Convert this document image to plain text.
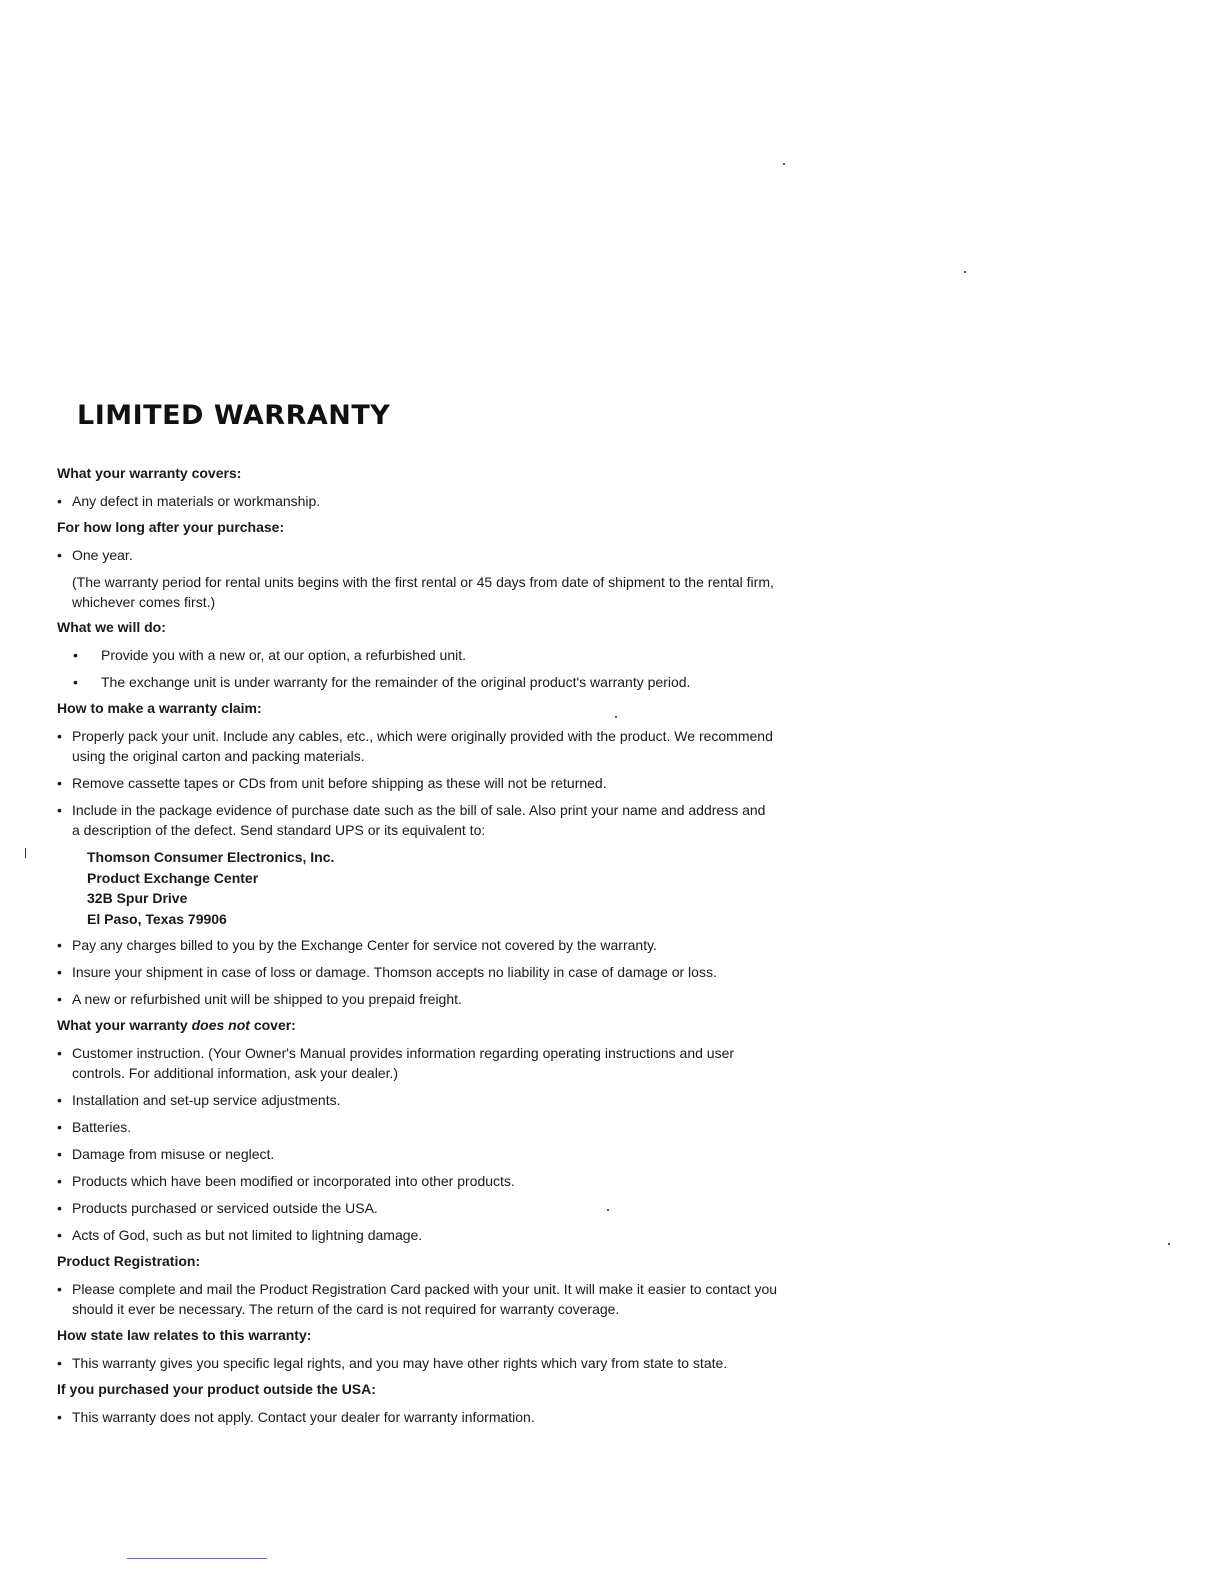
LIMITED WARRANTY
What your warranty covers:
• Any defect in materials or workmanship.
For how long after your purchase:
• One year.
(The warranty period for rental units begins with the first rental or 45 days from date of shipment to the rental firm, whichever comes first.)
What we will do:
• Provide you with a new or, at our option, a refurbished unit.
• The exchange unit is under warranty for the remainder of the original product's warranty period.
How to make a warranty claim:
• Properly pack your unit. Include any cables, etc., which were originally provided with the product. We recommend using the original carton and packing materials.
• Remove cassette tapes or CDs from unit before shipping as these will not be returned.
• Include in the package evidence of purchase date such as the bill of sale. Also print your name and address and a description of the defect. Send standard UPS or its equivalent to:
Thomson Consumer Electronics, Inc.
Product Exchange Center
32B Spur Drive
El Paso, Texas 79906
• Pay any charges billed to you by the Exchange Center for service not covered by the warranty.
• Insure your shipment in case of loss or damage. Thomson accepts no liability in case of damage or loss.
• A new or refurbished unit will be shipped to you prepaid freight.
What your warranty does not cover:
• Customer instruction. (Your Owner's Manual provides information regarding operating instructions and user controls. For additional information, ask your dealer.)
• Installation and set-up service adjustments.
• Batteries.
• Damage from misuse or neglect.
• Products which have been modified or incorporated into other products.
• Products purchased or serviced outside the USA.
• Acts of God, such as but not limited to lightning damage.
Product Registration:
• Please complete and mail the Product Registration Card packed with your unit. It will make it easier to contact you should it ever be necessary. The return of the card is not required for warranty coverage.
How state law relates to this warranty:
• This warranty gives you specific legal rights, and you may have other rights which vary from state to state.
If you purchased your product outside the USA:
• This warranty does not apply. Contact your dealer for warranty information.
